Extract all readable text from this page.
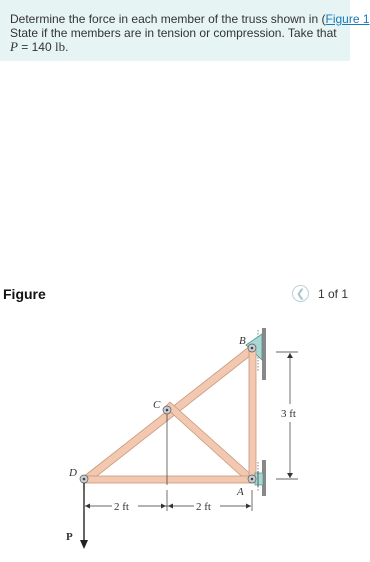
Determine the force in each member of the truss shown in (Figure 1
State if the members are in tension or compression. Take that
P = 140 lb.
Figure	❮	1 of 1
B
C
D
A
P
2 ft	2 ft
3 ft
